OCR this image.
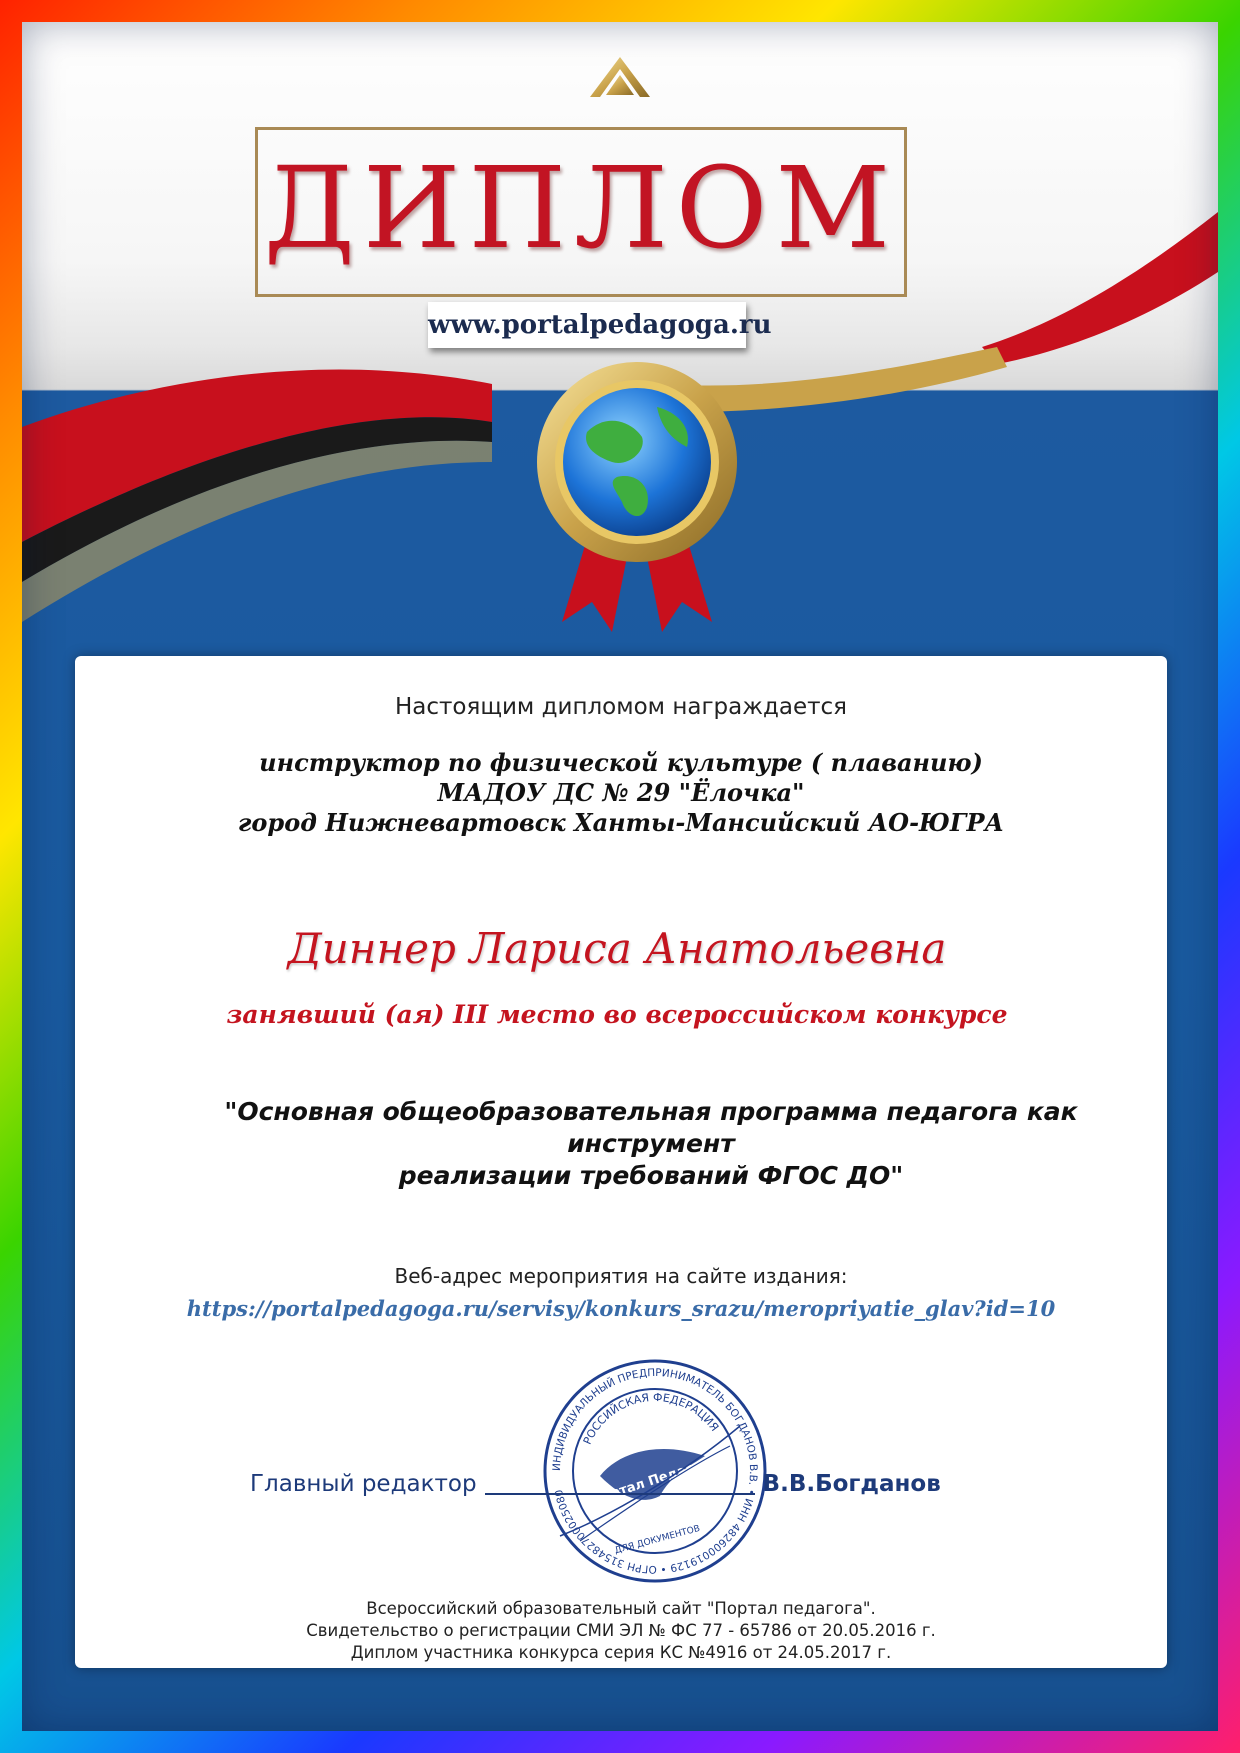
ДИПЛОМ
www.portalpedagoga.ru
Настоящим дипломом награждается
инструктор по физической культуре ( плаванию)
МАДОУ ДС № 29 "Ёлочка"
город Нижневартовск Ханты-Мансийский АО-ЮГРА
Диннер Лариса Анатольевна
занявший (ая) III место во всероссийском конкурсе
"Основная общеобразовательная программа педагога как инструмент
реализации требований ФГОС ДО"
Веб-адрес мероприятия на сайте издания:
https://portalpedagoga.ru/servisy/konkurs_srazu/meropriyatie_glav?id=10
ИНДИВИДУАЛЬНЫЙ ПРЕДПРИНИМАТЕЛЬ БОГДАНОВ В.В. • ИНН 482600019129 • ОГРН 315482700025080
РОССИЙСКАЯ ФЕДЕРАЦИЯ
Портал Педагога
ДЛЯ ДОКУМЕНТОВ
Главный редактор	В.В.Богданов
Всероссийский образовательный сайт "Портал педагога".
Свидетельство о регистрации СМИ ЭЛ № ФС 77 - 65786 от 20.05.2016 г.
Диплом участника конкурса серия КС №4916 от 24.05.2017 г.
